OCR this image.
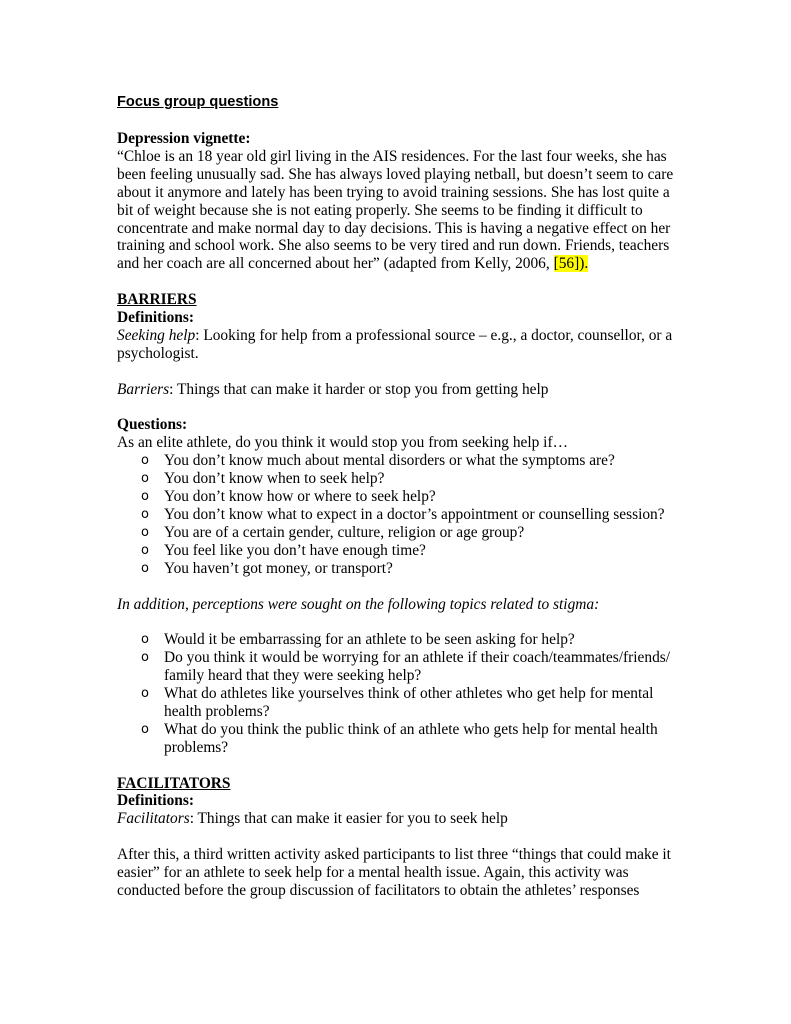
Focus group questions

Depression vignette:

“Chloe is an 18 year old girl living in the AIS residences. For the last four weeks, she has been feeling unusually sad. She has always loved playing netball, but doesn’t seem to care about it anymore and lately has been trying to avoid training sessions. She has lost quite a bit of weight because she is not eating properly. She seems to be finding it difficult to concentrate and make normal day to day decisions. This is having a negative effect on her training and school work. She also seems to be very tired and run down. Friends, teachers and her coach are all concerned about her” (adapted from Kelly, 2006, [56]).

BARRIERS

Definitions:

Seeking help: Looking for help from a professional source – e.g., a doctor, counsellor, or a psychologist.

Barriers: Things that can make it harder or stop you from getting help

Questions:

As an elite athlete, do you think it would stop you from seeking help if…

o You don’t know much about mental disorders or what the symptoms are?
o You don’t know when to seek help?
o You don’t know how or where to seek help?
o You don’t know what to expect in a doctor’s appointment or counselling session?
o You are of a certain gender, culture, religion or age group?
o You feel like you don’t have enough time?
o You haven’t got money, or transport?

In addition, perceptions were sought on the following topics related to stigma:

o Would it be embarrassing for an athlete to be seen asking for help?
o Do you think it would be worrying for an athlete if their coach/teammates/friends/ family heard that they were seeking help?
o What do athletes like yourselves think of other athletes who get help for mental health problems?
o What do you think the public think of an athlete who gets help for mental health problems?

FACILITATORS

Definitions:

Facilitators: Things that can make it easier for you to seek help

After this, a third written activity asked participants to list three “things that could make it easier” for an athlete to seek help for a mental health issue. Again, this activity was conducted before the group discussion of facilitators to obtain the athletes’ responses
